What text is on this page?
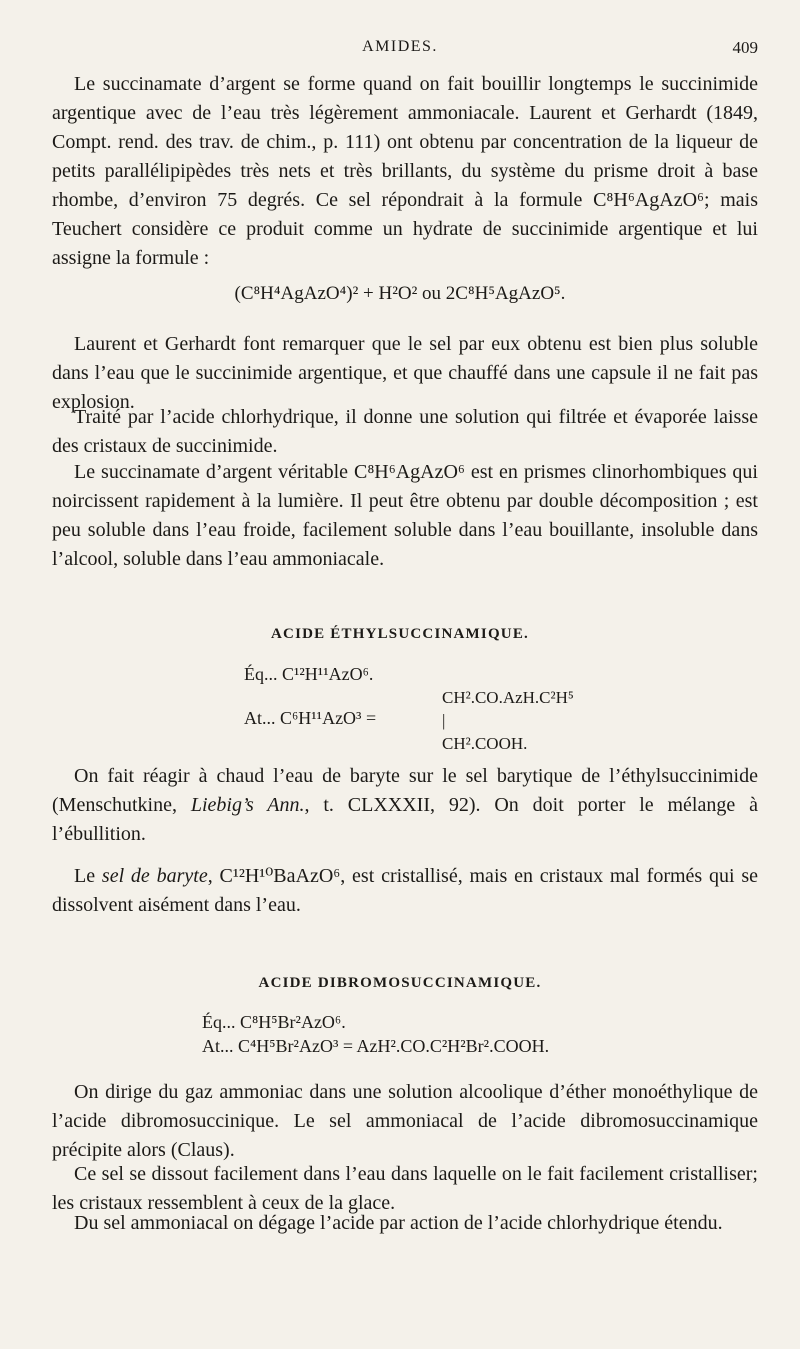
AMIDES.	409

Le succinamate d’argent se forme quand on fait bouillir longtemps le succinimide argentique avec de l’eau très légèrement ammoniacale. Laurent et Gerhardt (1849, Compt. rend. des trav. de chim., p. 111) ont obtenu par concentration de la liqueur de petits parallélipipèdes très nets et très brillants, du système du prisme droit à base rhombe, d’environ 75 degrés. Ce sel répondrait à la formule C⁸H⁶AgAzO⁶; mais Teuchert considère ce produit comme un hydrate de succinimide argentique et lui assigne la formule :

(C⁸H⁴AgAzO⁴)² + H²O² ou 2C⁸H⁵AgAzO⁵.

Laurent et Gerhardt font remarquer que le sel par eux obtenu est bien plus soluble dans l’eau que le succinimide argentique, et que chauffé dans une capsule il ne fait pas explosion.

Traité par l’acide chlorhydrique, il donne une solution qui filtrée et évaporée laisse des cristaux de succinimide.

Le succinamate d’argent véritable C⁸H⁶AgAzO⁶ est en prismes clinorhombiques qui noircissent rapidement à la lumière. Il peut être obtenu par double décomposition ; est peu soluble dans l’eau froide, facilement soluble dans l’eau bouillante, insoluble dans l’alcool, soluble dans l’eau ammoniacale.

ACIDE ÉTHYLSUCCINAMIQUE.

Éq... C¹²H¹¹AzO⁶.

At... C⁶H¹¹AzO³ =

CH².CO.AzH.C²H⁵
|
CH².COOH.

On fait réagir à chaud l’eau de baryte sur le sel barytique de l’éthylsuccinimide (Menschutkine, Liebig’s Ann., t. CLXXXII, 92). On doit porter le mélange à l’ébullition.

Le sel de baryte, C¹²H¹⁰BaAzO⁶, est cristallisé, mais en cristaux mal formés qui se dissolvent aisément dans l’eau.

ACIDE DIBROMOSUCCINAMIQUE.

Éq... C⁸H⁵Br²AzO⁶.

At... C⁴H⁵Br²AzO³ = AzH².CO.C²H²Br².COOH.

On dirige du gaz ammoniac dans une solution alcoolique d’éther monoéthylique de l’acide dibromosuccinique. Le sel ammoniacal de l’acide dibromosuccinamique précipite alors (Claus).

Ce sel se dissout facilement dans l’eau dans laquelle on le fait facilement cristalliser; les cristaux ressemblent à ceux de la glace.

Du sel ammoniacal on dégage l’acide par action de l’acide chlorhydrique étendu.
